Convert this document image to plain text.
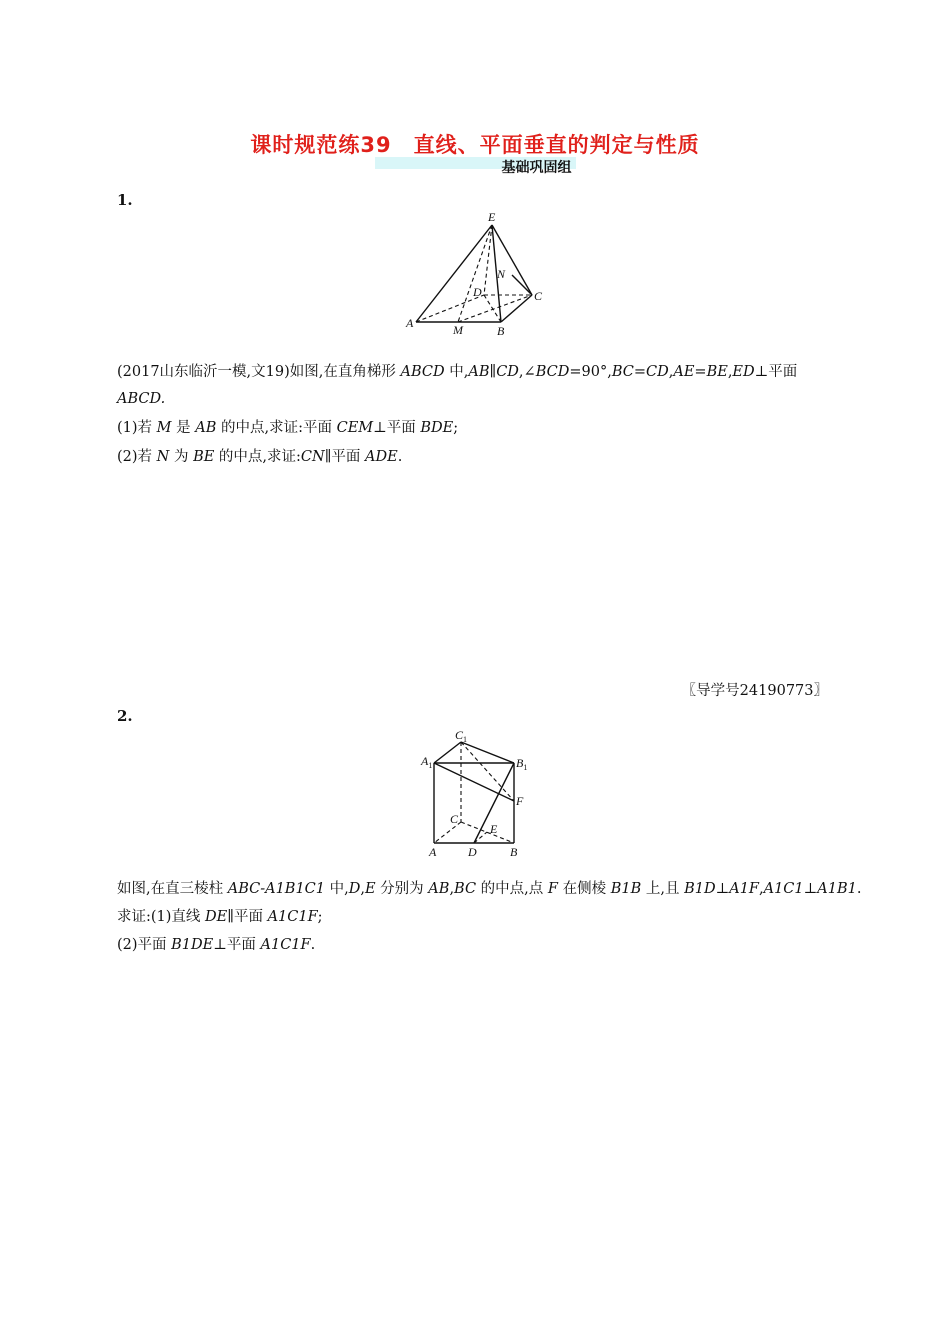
课时规范练39　直线、平面垂直的判定与性质
基础巩固组
1.
E
N
D	C
A	M	B
(2017山东临沂一模,文19)如图,在直角梯形 ABCD 中,AB∥CD,∠BCD=90°,BC=CD,AE=BE,ED⊥平面
ABCD.
(1)若 M 是 AB 的中点,求证:平面 CEM⊥平面 BDE;
(2)若 N 为 BE 的中点,求证:CN∥平面 ADE.
〖导学号24190773〗
2.
$C_1$
$A_1$	$B_1$
F
C
E
A	D	B
如图,在直三棱柱 ABC-A1B1C1 中,D,E 分别为 AB,BC 的中点,点 F 在侧棱 B1B 上,且 B1D⊥A1F,A1C1⊥A1B1.
求证:(1)直线 DE∥平面 A1C1F;
(2)平面 B1DE⊥平面 A1C1F.
